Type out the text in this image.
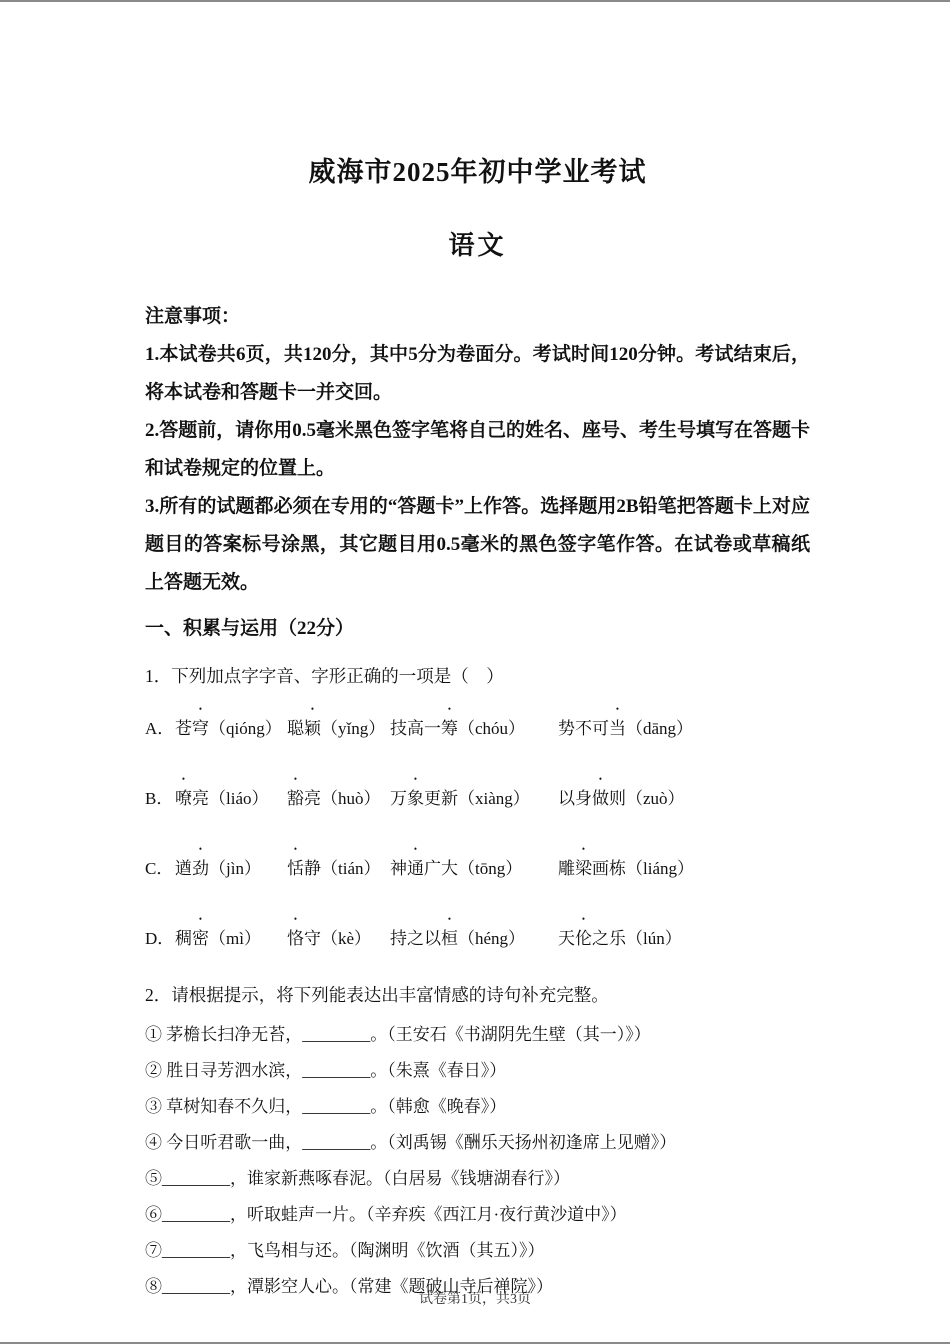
威海市2025年初中学业考试
语文

注意事项：

1.本试卷共6页，共120分，其中5分为卷面分。考试时间120分钟。考试结束后，将本试卷和答题卡一并交回。

2.答题前，请你用0.5毫米黑色签字笔将自己的姓名、座号、考生号填写在答题卡和试卷规定的位置上。

3.所有的试题都必须在专用的“答题卡”上作答。选择题用2B铅笔把答题卡上对应题目的答案标号涂黑，其它题目用0.5毫米的黑色签字笔作答。在试卷或草稿纸上答题无效。

一、积累与运用（22分）

1．下列加点字字音、字形正确的一项是（　）

A． 苍穹（qióng） 聪颖（yǐng） 技高一筹（chóu）	势不可当（dāng）
B． 嘹亮（liáo）	豁亮（huò） 万象更新（xiàng）	以身做则（zuò）
C． 遒劲（jìn）	恬静（tián） 神通广大（tōng）	雕梁画栋（liáng）
D． 稠密（mì）	恪守（kè）	持之以桓（héng）	天伦之乐（lún）

2．请根据提示，将下列能表达出丰富情感的诗句补充完整。

① 茅檐长扫净无苔，________。（王安石《书湖阴先生壁（其一）》）

② 胜日寻芳泗水滨，________。（朱熹《春日》）

③ 草树知春不久归，________。（韩愈《晚春》）

④ 今日听君歌一曲，________。（刘禹锡《酬乐天扬州初逢席上见赠》）

⑤________，谁家新燕啄春泥。（白居易《钱塘湖春行》）

⑥________，听取蛙声一片。（辛弃疾《西江月·夜行黄沙道中》）

⑦________，飞鸟相与还。（陶渊明《饮酒（其五）》）

⑧________，潭影空人心。（常建《题破山寺后禅院》）

试卷第1页，共3页
